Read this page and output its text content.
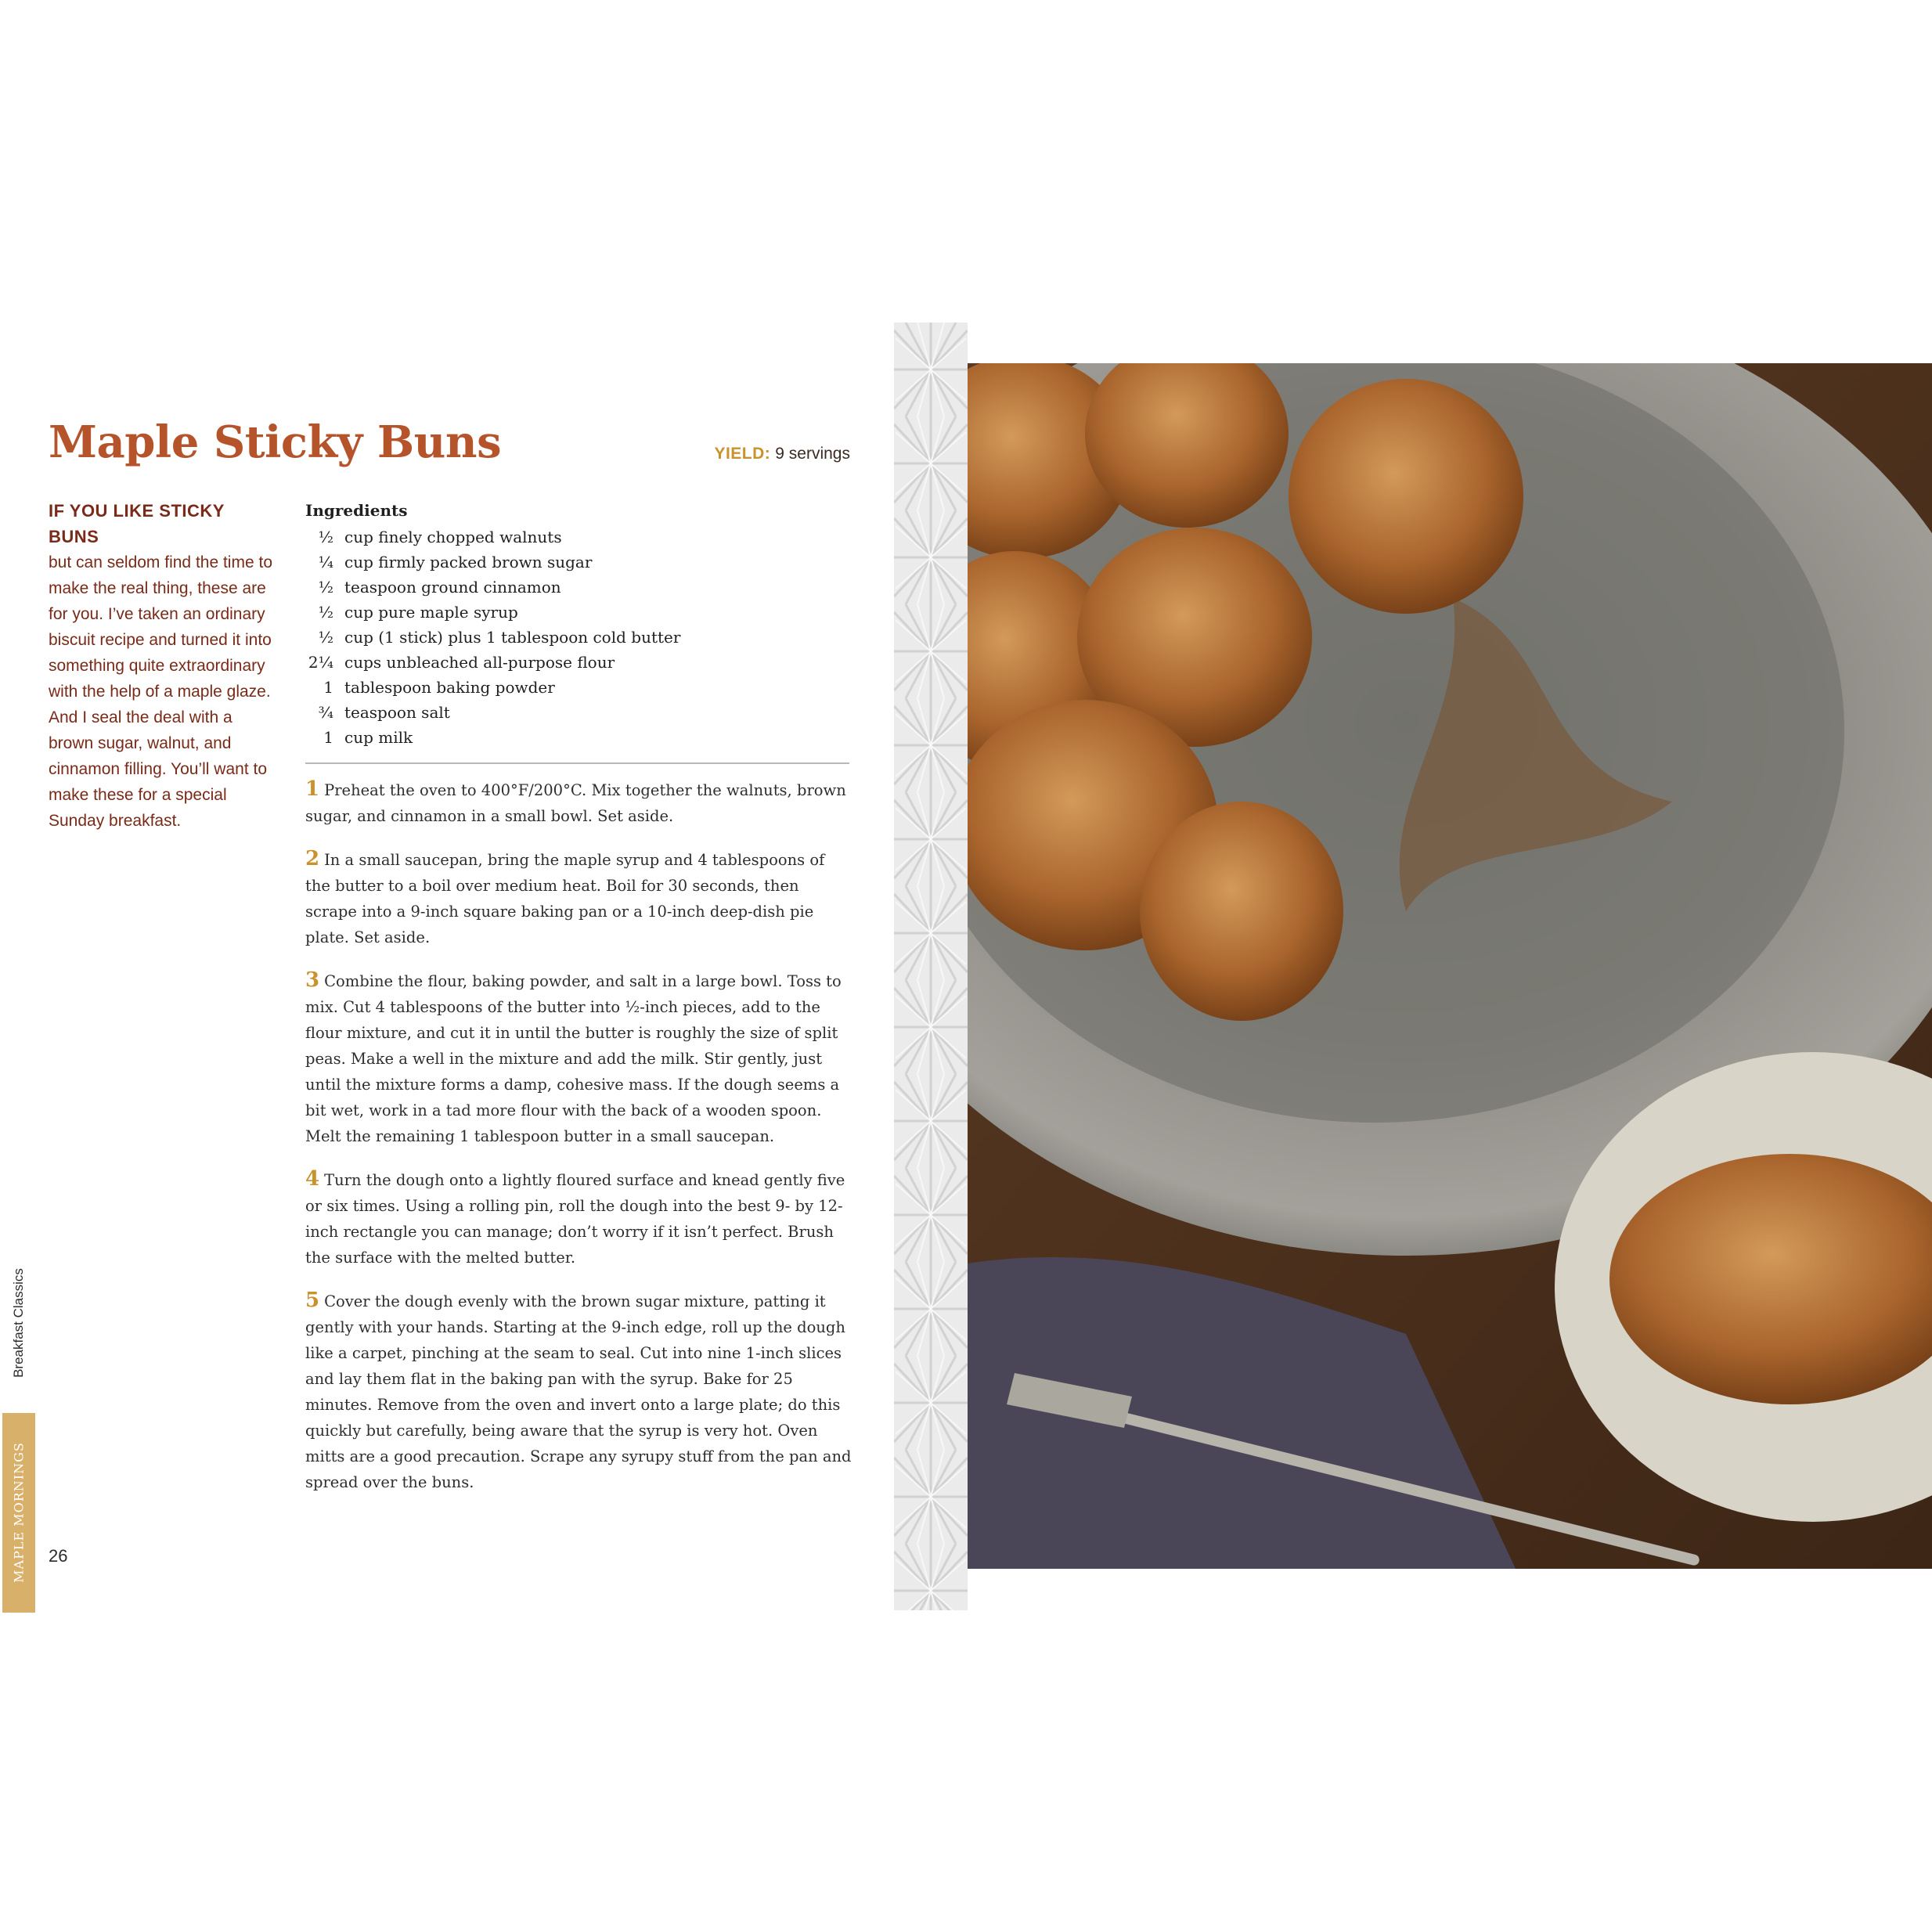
Maple Sticky Buns	YIELD: 9 servings
IF YOU LIKE STICKY BUNS
but can seldom find the time to make the real thing, these are for you. I’ve taken an ordinary biscuit recipe and turned it into something quite extraordinary with the help of a maple glaze. And I seal the deal with a brown sugar, walnut, and cinnamon filling. You’ll want to make these for a special Sunday breakfast.
Ingredients
½ cup finely chopped walnuts
¼ cup firmly packed brown sugar
½ teaspoon ground cinnamon
½ cup pure maple syrup
½ cup (1 stick) plus 1 tablespoon cold butter
2¼ cups unbleached all-purpose flour
1 tablespoon baking powder
¾ teaspoon salt
1 cup milk

1 Preheat the oven to 400°F/200°C. Mix together the walnuts, brown sugar, and cinnamon in a small bowl. Set aside.

2 In a small saucepan, bring the maple syrup and 4 tablespoons of the butter to a boil over medium heat. Boil for 30 seconds, then scrape into a 9-inch square baking pan or a 10-inch deep-dish pie plate. Set aside.

3 Combine the flour, baking powder, and salt in a large bowl. Toss to mix. Cut 4 tablespoons of the butter into ½-inch pieces, add to the flour mixture, and cut it in until the butter is roughly the size of split peas. Make a well in the mixture and add the milk. Stir gently, just until the mixture forms a damp, cohesive mass. If the dough seems a bit wet, work in a tad more flour with the back of a wooden spoon. Melt the remaining 1 tablespoon butter in a small saucepan.

4 Turn the dough onto a lightly floured surface and knead gently five or six times. Using a rolling pin, roll the dough into the best 9- by 12-inch rectangle you can manage; don’t worry if it isn’t perfect. Brush the surface with the melted butter.

5 Cover the dough evenly with the brown sugar mixture, patting it gently with your hands. Starting at the 9-inch edge, roll up the dough like a carpet, pinching at the seam to seal. Cut into nine 1-inch slices and lay them flat in the baking pan with the syrup. Bake for 25 minutes. Remove from the oven and invert onto a large plate; do this quickly but carefully, being aware that the syrup is very hot. Oven mitts are a good precaution. Scrape any syrupy stuff from the pan and spread over the buns.

Breakfast Classics
MAPLE MORNINGS 26
